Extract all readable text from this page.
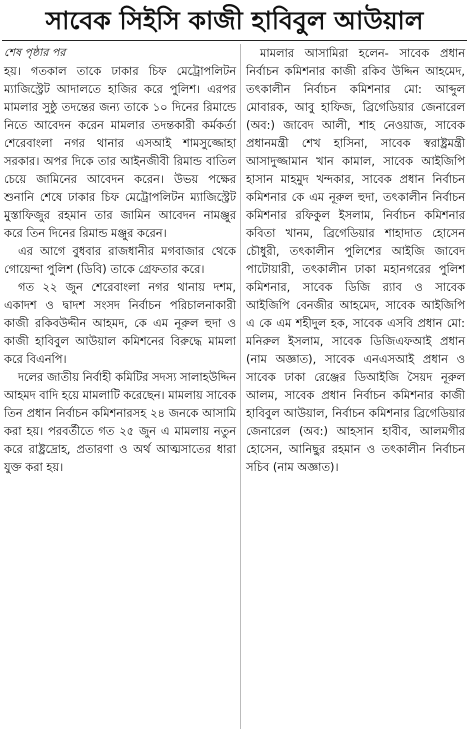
সাবেক সিইসি কাজী হাবিবুল আউয়াল
শেষ পৃষ্ঠার পর

হয়। গতকাল তাকে ঢাকার চিফ মেট্রোপলিটন ম্যাজিস্ট্রেট আদালতে হাজির করে পুলিশ। এরপর মামলার সুষ্ঠু তদন্তের জন্য তাকে ১০ দিনের রিমান্ডে নিতে আবেদন করেন মামলার তদন্তকারী কর্মকর্তা শেরেবাংলা নগর থানার এসআই শামসুজ্জোহা সরকার। অপর দিকে তার আইনজীবী রিমান্ড বাতিল চেয়ে জামিনের আবেদন করেন। উভয় পক্ষের শুনানি শেষে ঢাকার চিফ মেট্রোপলিটন ম্যাজিস্ট্রেট মুস্তাফিজুর রহমান তার জামিন আবেদন নামঞ্জুর করে তিন দিনের রিমান্ড মঞ্জুর করেন।

এর আগে বুধবার রাজধানীর মগবাজার থেকে গোয়েন্দা পুলিশ (ডিবি) তাকে গ্রেফতার করে।

গত ২২ জুন শেরেবাংলা নগর থানায় দশম, একাদশ ও দ্বাদশ সংসদ নির্বাচন পরিচালনাকারী কাজী রকিবউদ্দীন আহমদ, কে এম নূরুল হুদা ও কাজী হাবিবুল আউয়াল কমিশনের বিরুদ্ধে মামলা করে বিএনপি।

দলের জাতীয় নির্বাহী কমিটির সদস্য সালাহউদ্দিন আহমদ বাদি হয়ে মামলাটি করেছেন। মামলায় সাবেক তিন প্রধান নির্বাচন কমিশনারসহ ২৪ জনকে আসামি করা হয়। পরবর্তীতে গত ২৫ জুন এ মামলায় নতুন করে রাষ্ট্রদ্রোহ, প্রতারণা ও অর্থ আত্মসাতের ধারা যুক্ত করা হয়।

মামলার আসামিরা হলেন- সাবেক প্রধান নির্বাচন কমিশনার কাজী রকিব উদ্দিন আহমেদ, তৎকালীন নির্বাচন কমিশনার মো: আব্দুল মোবারক, আবু হাফিজ, ব্রিগেডিয়ার জেনারেল (অব:) জাবেদ আলী, শাহ নেওয়াজ, সাবেক প্রধানমন্ত্রী শেখ হাসিনা, সাবেক স্বরাষ্ট্রমন্ত্রী আসাদুজ্জামান খান কামাল, সাবেক আইজিপি হাসান মাহমুদ খন্দকার, সাবেক প্রধান নির্বাচন কমিশনার কে এম নূরুল হুদা, তৎকালীন নির্বাচন কমিশনার রফিকুল ইসলাম, নির্বাচন কমিশনার কবিতা খানম, ব্রিগেডিয়ার শাহাদাত হোসেন চৌধুরী, তৎকালীন পুলিশের আইজি জাবেদ পাটোয়ারী, তৎকালীন ঢাকা মহানগরের পুলিশ কমিশনার, সাবেক ডিজি র‌্যাব ও সাবেক আইজিপি বেনজীর আহমেদ, সাবেক আইজিপি এ কে এম শহীদুল হক, সাবেক এসবি প্রধান মো: মনিরুল ইসলাম, সাবেক ডিজিএফআই প্রধান (নাম অজ্ঞাত), সাবেক এনএসআই প্রধান ও সাবেক ঢাকা রেঞ্জের ডিআইজি সৈয়দ নূরুল আলম, সাবেক প্রধান নির্বাচন কমিশনার কাজী হাবিবুল আউয়াল, নির্বাচন কমিশনার ব্রিগেডিয়ার জেনারেল (অব:) আহসান হাবীব, আলমগীর হোসেন, আনিছুর রহমান ও তৎকালীন নির্বাচন সচিব (নাম অজ্ঞাত)।
